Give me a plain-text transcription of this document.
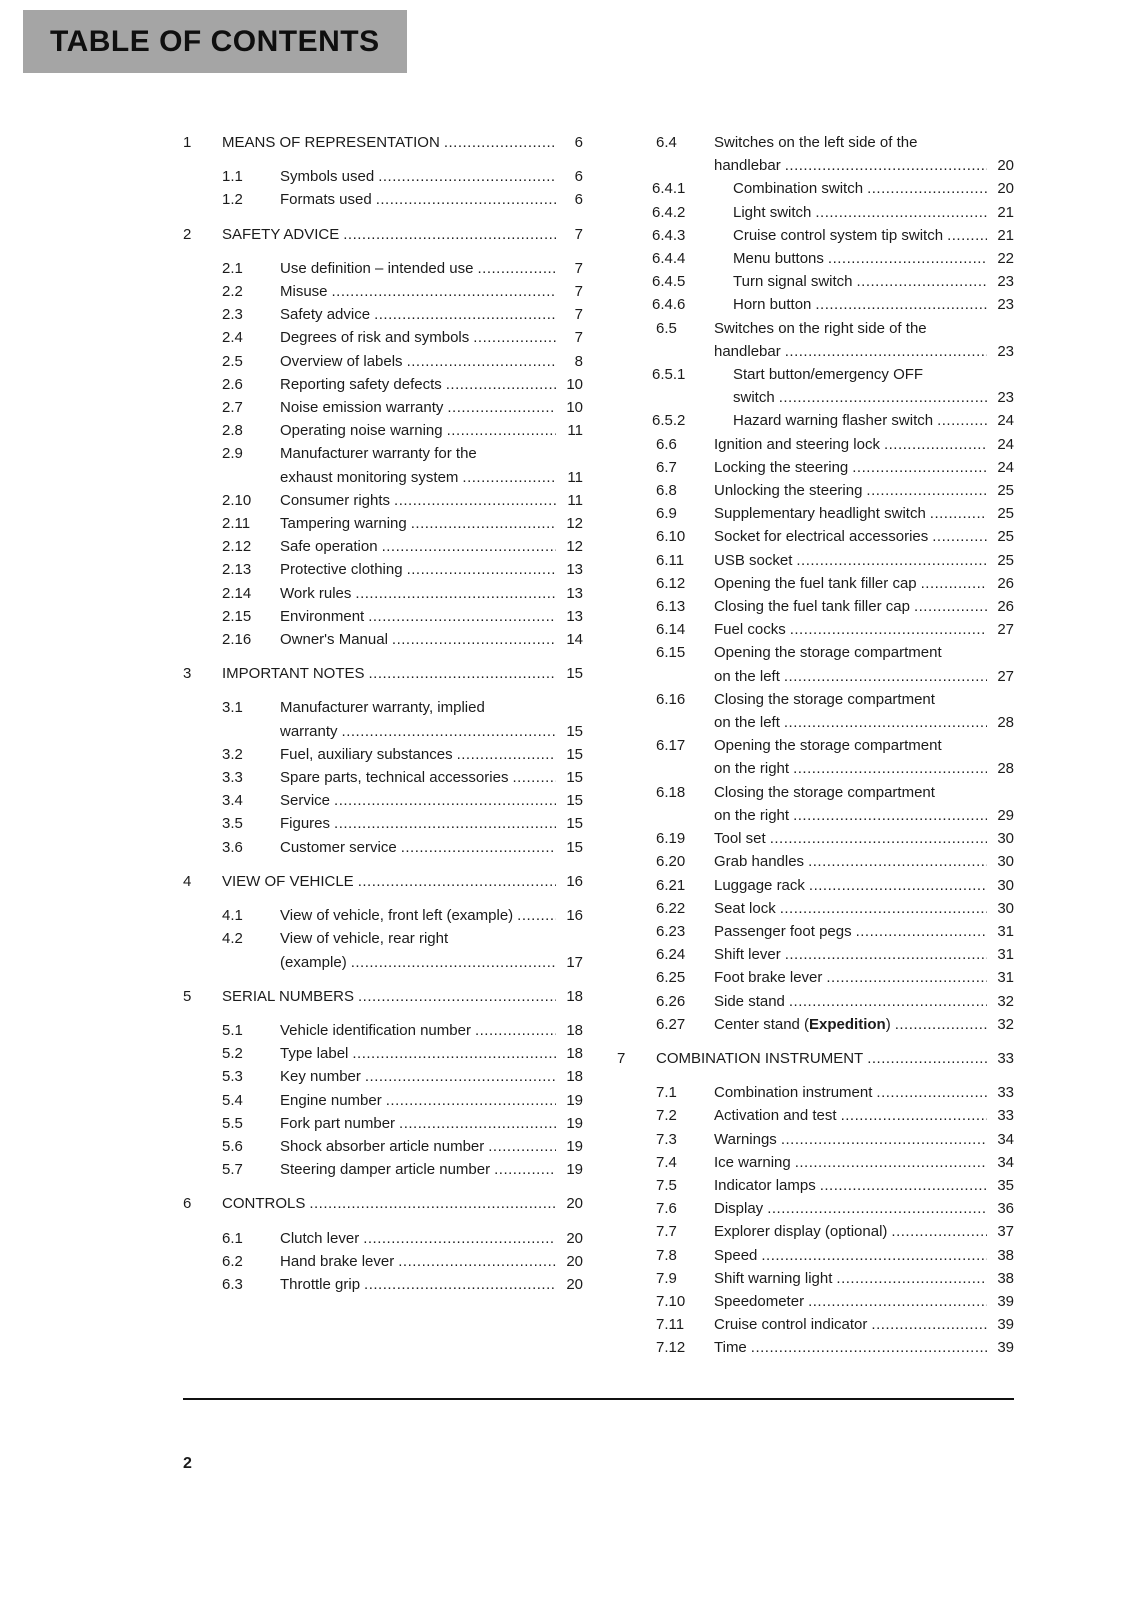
TABLE OF CONTENTS
1	MEANS OF REPRESENTATION .....	6
1.1	Symbols used .....	6
1.2	Formats used .....	6
2	SAFETY ADVICE .....	7
2.1	Use definition – intended use .....	7
2.2	Misuse .....	7
2.3	Safety advice .....	7
2.4	Degrees of risk and symbols .....	7
2.5	Overview of labels .....	8
2.6	Reporting safety defects .....	10
2.7	Noise emission warranty .....	10
2.8	Operating noise warning .....	11
2.9	Manufacturer warranty for the
exhaust monitoring system .....	11
2.10	Consumer rights .....	11
2.11	Tampering warning .....	12
2.12	Safe operation .....	12
2.13	Protective clothing .....	13
2.14	Work rules .....	13
2.15	Environment .....	13
2.16	Owner's Manual .....	14
3	IMPORTANT NOTES .....	15
3.1	Manufacturer warranty, implied
warranty .....	15
3.2	Fuel, auxiliary substances .....	15
3.3	Spare parts, technical accessories .....	15
3.4	Service .....	15
3.5	Figures .....	15
3.6	Customer service .....	15
4	VIEW OF VEHICLE .....	16
4.1	View of vehicle, front left (example) .....	16
4.2	View of vehicle, rear right
(example) .....	17
5	SERIAL NUMBERS .....	18
5.1	Vehicle identification number .....	18
5.2	Type label .....	18
5.3	Key number .....	18
5.4	Engine number .....	19
5.5	Fork part number .....	19
5.6	Shock absorber article number .....	19
5.7	Steering damper article number .....	19
6	CONTROLS .....	20
6.1	Clutch lever .....	20
6.2	Hand brake lever .....	20
6.3	Throttle grip .....	20
6.4	Switches on the left side of the
handlebar .....	20
6.4.1	Combination switch .....	20
6.4.2	Light switch .....	21
6.4.3	Cruise control system tip switch .....	21
6.4.4	Menu buttons .....	22
6.4.5	Turn signal switch .....	23
6.4.6	Horn button .....	23
6.5	Switches on the right side of the
handlebar .....	23
6.5.1	Start button/emergency OFF
switch .....	23
6.5.2	Hazard warning flasher switch .....	24
6.6	Ignition and steering lock .....	24
6.7	Locking the steering .....	24
6.8	Unlocking the steering .....	25
6.9	Supplementary headlight switch .....	25
6.10	Socket for electrical accessories .....	25
6.11	USB socket .....	25
6.12	Opening the fuel tank filler cap .....	26
6.13	Closing the fuel tank filler cap .....	26
6.14	Fuel cocks .....	27
6.15	Opening the storage compartment
on the left .....	27
6.16	Closing the storage compartment
on the left .....	28
6.17	Opening the storage compartment
on the right .....	28
6.18	Closing the storage compartment
on the right .....	29
6.19	Tool set .....	30
6.20	Grab handles .....	30
6.21	Luggage rack .....	30
6.22	Seat lock .....	30
6.23	Passenger foot pegs .....	31
6.24	Shift lever .....	31
6.25	Foot brake lever .....	31
6.26	Side stand .....	32
6.27	Center stand (Expedition) .....	32
7	COMBINATION INSTRUMENT .....	33
7.1	Combination instrument .....	33
7.2	Activation and test .....	33
7.3	Warnings .....	34
7.4	Ice warning .....	34
7.5	Indicator lamps .....	35
7.6	Display .....	36
7.7	Explorer display (optional) .....	37
7.8	Speed .....	38
7.9	Shift warning light .....	38
7.10	Speedometer .....	39
7.11	Cruise control indicator .....	39
7.12	Time .....	39
2
